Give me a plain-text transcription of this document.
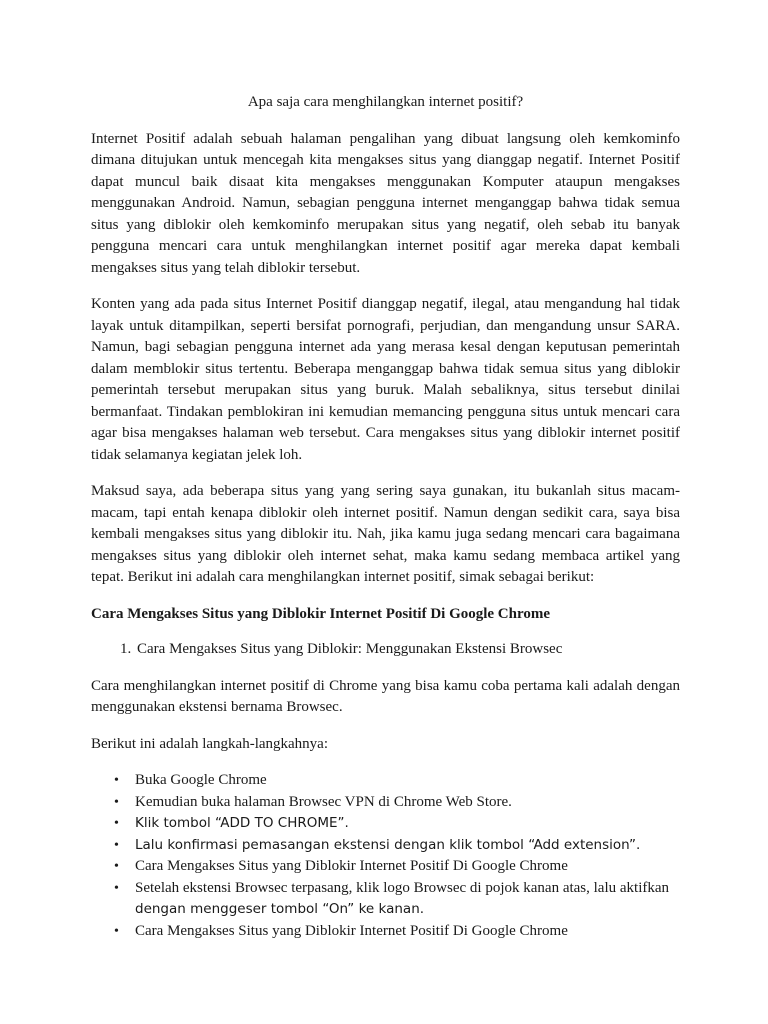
Apa saja cara menghilangkan internet positif?

Internet Positif adalah sebuah halaman pengalihan yang dibuat langsung oleh kemkominfo dimana ditujukan untuk mencegah kita mengakses situs yang dianggap negatif. Internet Positif dapat muncul baik disaat kita mengakses menggunakan Komputer ataupun mengakses menggunakan Android. Namun, sebagian pengguna internet menganggap bahwa tidak semua situs yang diblokir oleh kemkominfo merupakan situs yang negatif, oleh sebab itu banyak pengguna mencari cara untuk menghilangkan internet positif agar mereka dapat kembali mengakses situs yang telah diblokir tersebut.

Konten yang ada pada situs Internet Positif dianggap negatif, ilegal, atau mengandung hal tidak layak untuk ditampilkan, seperti bersifat pornografi, perjudian, dan mengandung unsur SARA. Namun, bagi sebagian pengguna internet ada yang merasa kesal dengan keputusan pemerintah dalam memblokir situs tertentu. Beberapa menganggap bahwa tidak semua situs yang diblokir pemerintah tersebut merupakan situs yang buruk. Malah sebaliknya, situs tersebut dinilai bermanfaat. Tindakan pemblokiran ini kemudian memancing pengguna situs untuk mencari cara agar bisa mengakses halaman web tersebut. Cara mengakses situs yang diblokir internet positif tidak selamanya kegiatan jelek loh.

Maksud saya, ada beberapa situs yang yang sering saya gunakan, itu bukanlah situs macam-macam, tapi entah kenapa diblokir oleh internet positif. Namun dengan sedikit cara, saya bisa kembali mengakses situs yang diblokir itu. Nah, jika kamu juga sedang mencari cara bagaimana mengakses situs yang diblokir oleh internet sehat, maka kamu sedang membaca artikel yang tepat. Berikut ini adalah cara menghilangkan internet positif, simak sebagai berikut:

Cara Mengakses Situs yang Diblokir Internet Positif Di Google Chrome
1. Cara Mengakses Situs yang Diblokir: Menggunakan Ekstensi Browsec

Cara menghilangkan internet positif di Chrome yang bisa kamu coba pertama kali adalah dengan menggunakan ekstensi bernama Browsec.

Berikut ini adalah langkah-langkahnya:

• Buka Google Chrome
• Kemudian buka halaman Browsec VPN di Chrome Web Store.
• Klik tombol “ADD TO CHROME”.
• Lalu konfirmasi pemasangan ekstensi dengan klik tombol “Add extension”.
• Cara Mengakses Situs yang Diblokir Internet Positif Di Google Chrome
• Setelah ekstensi Browsec terpasang, klik logo Browsec di pojok kanan atas, lalu aktifkan
dengan menggeser tombol “On” ke kanan.
• Cara Mengakses Situs yang Diblokir Internet Positif Di Google Chrome
